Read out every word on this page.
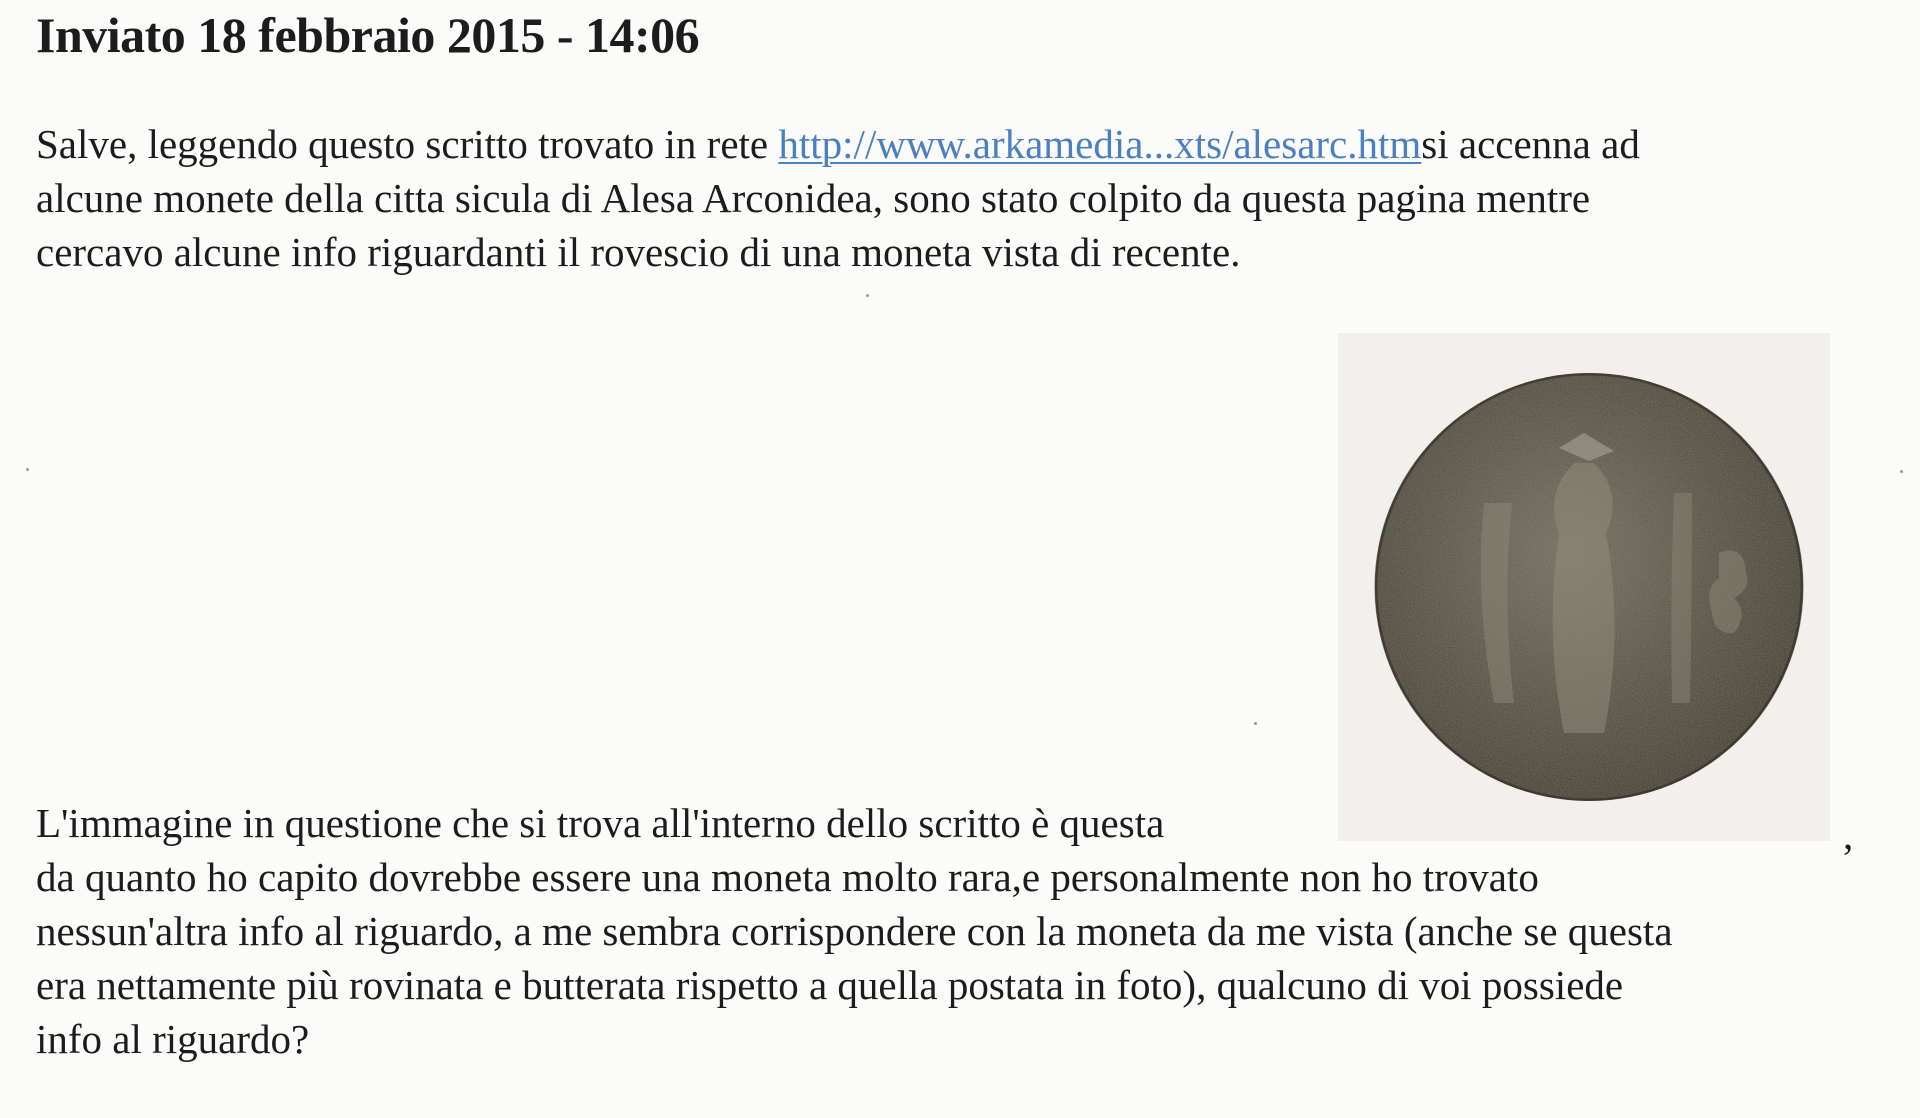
Inviato 18 febbraio 2015 - 14:06
Salve, leggendo questo scritto trovato in rete http://www.arkamedia...xts/alesarc.htmsi accenna ad
alcune monete della citta sicula di Alesa Arconidea, sono stato colpito da questa pagina mentre
cercavo alcune info riguardanti il rovescio di una moneta vista di recente.
L'immagine in questione che si trova all'interno dello scritto è questa
da quanto ho capito dovrebbe essere una moneta molto rara,e personalmente non ho trovato
nessun'altra info al riguardo, a me sembra corrispondere con la moneta da me vista (anche se questa
era nettamente più rovinata e butterata rispetto a quella postata in foto), qualcuno di voi possiede
info al riguardo?
,
